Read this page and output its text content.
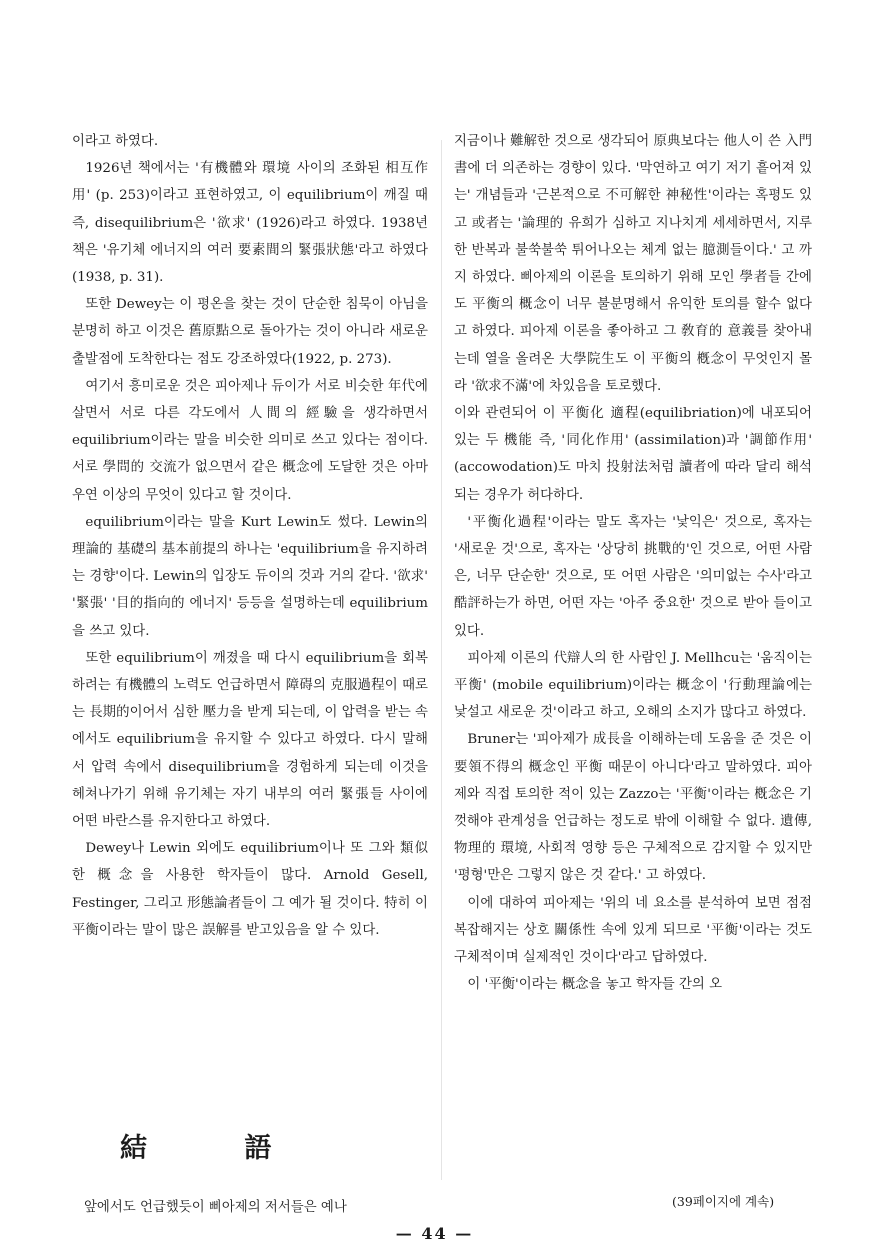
이라고 하였다.

1926년 책에서는 '有機體와 環境 사이의 조화된 相互作用' (p. 253)이라고 표현하였고, 이 equilibrium이 깨질 때 즉, disequilibrium은 '欲求' (1926)라고 하였다. 1938년 책은 '유기체 에너지의 여러 要素間의 緊張狀態'라고 하였다 (1938, p. 31).

또한 Dewey는 이 평온을 찾는 것이 단순한 침묵이 아님을 분명히 하고 이것은 舊原點으로 돌아가는 것이 아니라 새로운 출발점에 도착한다는 점도 강조하였다(1922, p. 273).

여기서 흥미로운 것은 피아제나 듀이가 서로 비슷한 年代에 살면서 서로 다른 각도에서 人間의 經驗을 생각하면서 equilibrium이라는 말을 비슷한 의미로 쓰고 있다는 점이다. 서로 學問的 交流가 없으면서 같은 概念에 도달한 것은 아마 우연 이상의 무엇이 있다고 할 것이다.

equilibrium이라는 말을 Kurt Lewin도 썼다. Lewin의 理論的 基礎의 基本前提의 하나는 'equilibrium을 유지하려는 경향'이다. Lewin의 입장도 듀이의 것과 거의 같다. '欲求' '緊張' '目的指向的 에너지' 등등을 설명하는데 equilibrium을 쓰고 있다.

또한 equilibrium이 깨졌을 때 다시 equilibrium을 회복하려는 有機體의 노력도 언급하면서 障碍의 克服過程이 때로는 長期的이어서 심한 壓力을 받게 되는데, 이 압력을 받는 속에서도 equilibrium을 유지할 수 있다고 하였다. 다시 말해서 압력 속에서 disequilibrium을 경험하게 되는데 이것을 헤쳐나가기 위해 유기체는 자기 내부의 여러 緊張들 사이에 어떤 바란스를 유지한다고 하였다.

Dewey나 Lewin 외에도 equilibrium이나 또 그와 類似한 概念을 사용한 학자들이 많다. Arnold Gesell, Festinger, 그리고 形態論者들이 그 예가 될 것이다. 特히 이 平衡이라는 말이 많은 誤解를 받고있음을 알 수 있다.

結 語
앞에서도 언급했듯이 삐아제의 저서들은 예나

지금이나 難解한 것으로 생각되어 原典보다는 他人이 쓴 入門書에 더 의존하는 경향이 있다. '막연하고 여기 저기 흩어져 있는' 개념들과 '근본적으로 不可解한 神秘性'이라는 혹평도 있고 或者는 '論理的 유희가 심하고 지나치게 세세하면서, 지루한 반복과 불쑥불쑥 튀어나오는 체계 없는 臆測들이다.' 고 까지 하였다. 삐아제의 이론을 토의하기 위해 모인 學者들 간에도 平衡의 概念이 너무 불분명해서 유익한 토의를 할수 없다고 하였다. 피아제 이론을 좋아하고 그 敎育的 意義를 찾아내는데 열을 올려온 大學院生도 이 平衡의 槪念이 무엇인지 몰라 '欲求不滿'에 차있음을 토로했다.

이와 관련되어 이 平衡化 適程(equilibriation)에 내포되어 있는 두 機能 즉, '同化作用' (assimilation)과 '調節作用' (accowodation)도 마치 投射法처럼 讀者에 따라 달리 해석되는 경우가 허다하다.

'平衡化過程'이라는 말도 혹자는 '낯익은' 것으로, 혹자는 '새로운 것'으로, 혹자는 '상당히 挑戰的'인 것으로, 어떤 사람은, 너무 단순한' 것으로, 또 어떤 사람은 '의미없는 수사'라고 酷評하는가 하면, 어떤 자는 '아주 중요한' 것으로 받아 들이고 있다.

피아제 이론의 代辯人의 한 사람인 J. Mellhcu는 '움직이는 平衡' (mobile equilibrium)이라는 概念이 '行動理論에는 낯설고 새로운 것'이라고 하고, 오해의 소지가 많다고 하였다.

Bruner는 '피아제가 成長을 이해하는데 도움을 준 것은 이 要領不得의 概念인 平衡 때문이 아니다'라고 말하였다. 피아제와 직접 토의한 적이 있는 Zazzo는 '平衡'이라는 槪念은 기껏해야 관계성을 언급하는 정도로 밖에 이해할 수 없다. 遺傳, 物理的 環境, 사회적 영향 등은 구체적으로 감지할 수 있지만 '평형'만은 그렇지 않은 것 같다.' 고 하였다.

이에 대하여 피아제는 '위의 네 요소를 분석하여 보면 점점 복잡해지는 상호 關係性 속에 있게 되므로 '平衡'이라는 것도 구체적이며 실제적인 것이다'라고 답하였다.

이 '平衡'이라는 概念을 놓고 학자들 간의 오

(39페이지에 계속)
— 44 —
